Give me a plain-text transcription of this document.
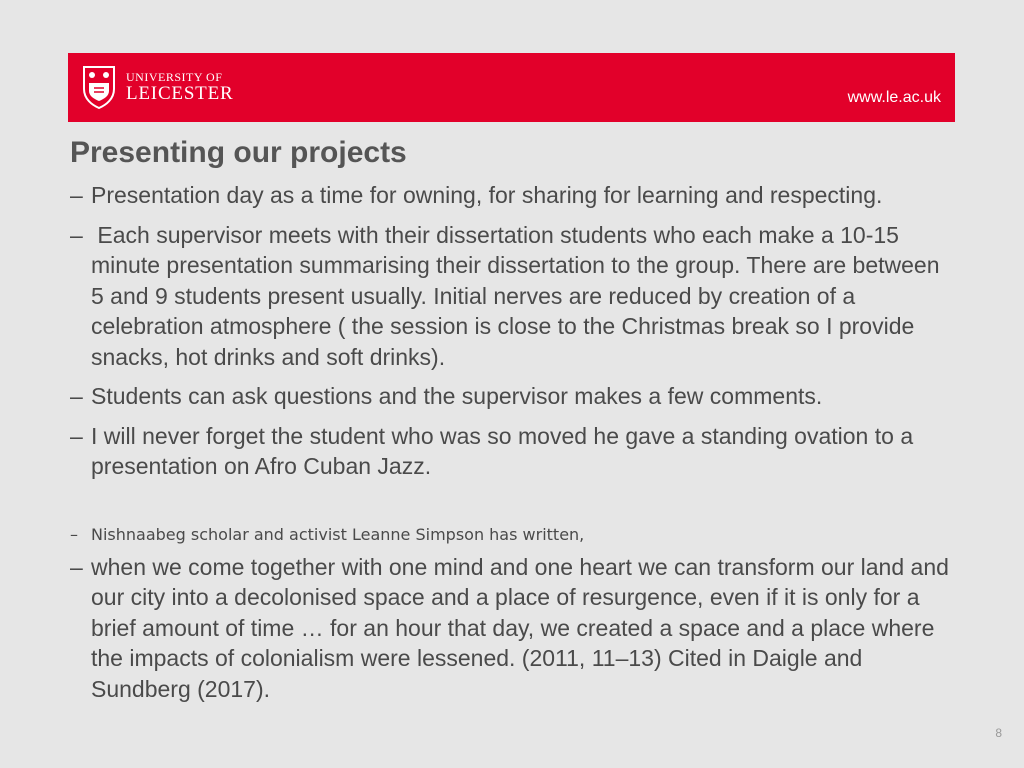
UNIVERSITY OF
LEICESTER	www.le.ac.uk
Presenting our projects
– Presentation day as a time for owning, for sharing for learning and respecting.
– Each supervisor meets with their dissertation students who each make a 10-15 minute presentation summarising their dissertation to the group. There are between 5 and 9 students present usually. Initial nerves are reduced by creation of a celebration atmosphere ( the session is close to the Christmas break so I provide snacks, hot drinks and soft drinks).
– Students can ask questions and the supervisor makes a few comments.
– I will never forget the student who was so moved he gave a standing ovation to a presentation on Afro Cuban Jazz.
– Nishnaabeg scholar and activist Leanne Simpson has written,
– when we come together with one mind and one heart we can transform our land and our city into a decolonised space and a place of resurgence, even if it is only for a brief amount of time … for an hour that day, we created a space and a place where the impacts of colonialism were lessened. (2011, 11–13) Cited in Daigle and Sundberg (2017).
8
